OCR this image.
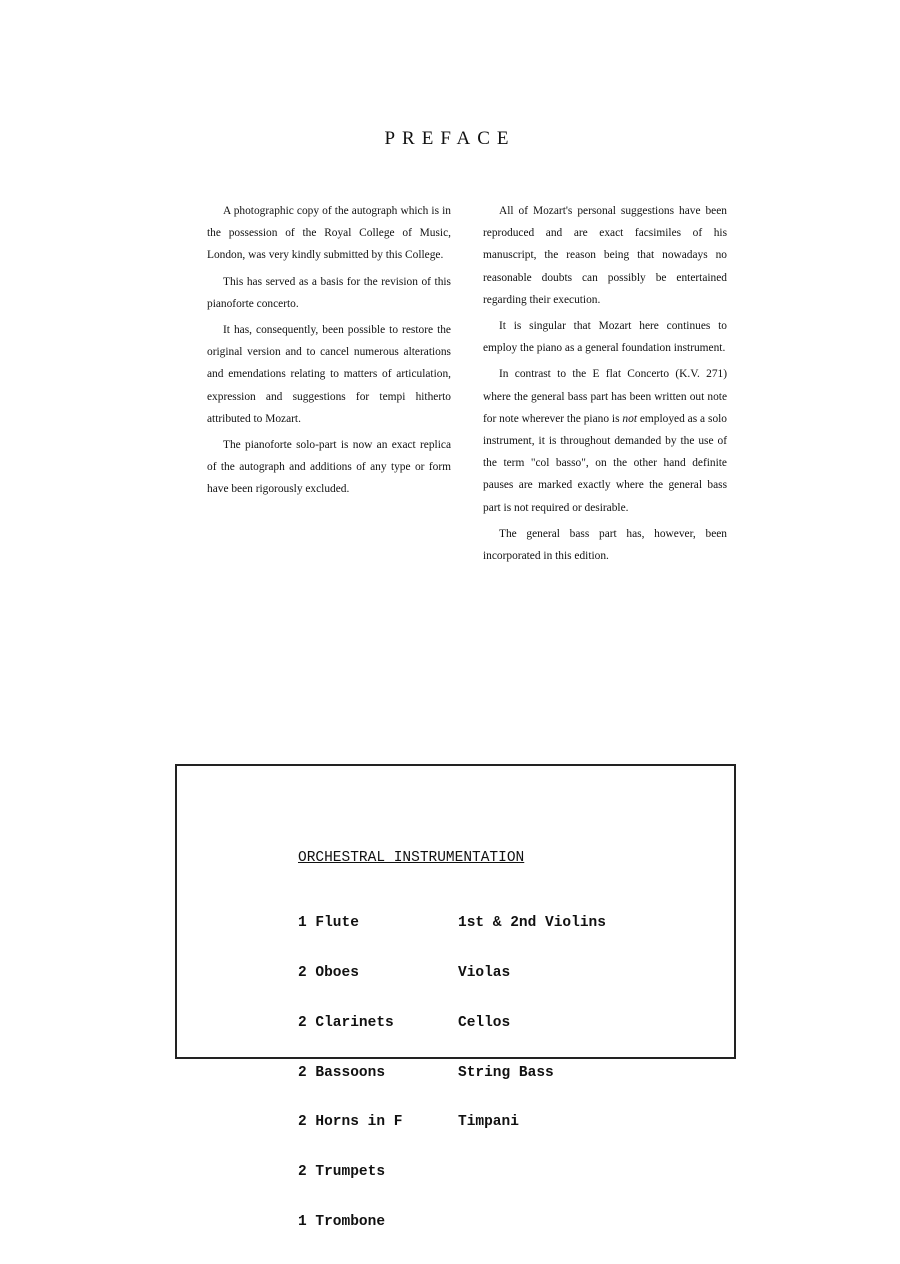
PREFACE

A photographic copy of the autograph which is in the possession of the Royal College of Music, London, was very kindly submitted by this College.

This has served as a basis for the revision of this pianoforte concerto.

It has, consequently, been possible to restore the original version and to cancel numerous alterations and emendations relating to matters of articulation, expression and suggestions for tempi hitherto attributed to Mozart.

The pianoforte solo-part is now an exact replica of the autograph and additions of any type or form have been rigorously excluded.

All of Mozart's personal suggestions have been reproduced and are exact facsimiles of his manuscript, the reason being that nowadays no reasonable doubts can possibly be entertained regarding their execution.

It is singular that Mozart here continues to employ the piano as a general foundation instrument.

In contrast to the E flat Concerto (K.V. 271) where the general bass part has been written out note for note wherever the piano is not employed as a solo instrument, it is throughout demanded by the use of the term "col basso", on the other hand definite pauses are marked exactly where the general bass part is not required or desirable.

The general bass part has, however, been incorporated in this edition.

ORCHESTRAL INSTRUMENTATION

1 Flute

2 Oboes

2 Clarinets

2 Bassoons

2 Horns in F

2 Trumpets

1 Trombone

1st & 2nd Violins

Violas

Cellos

String Bass

Timpani
